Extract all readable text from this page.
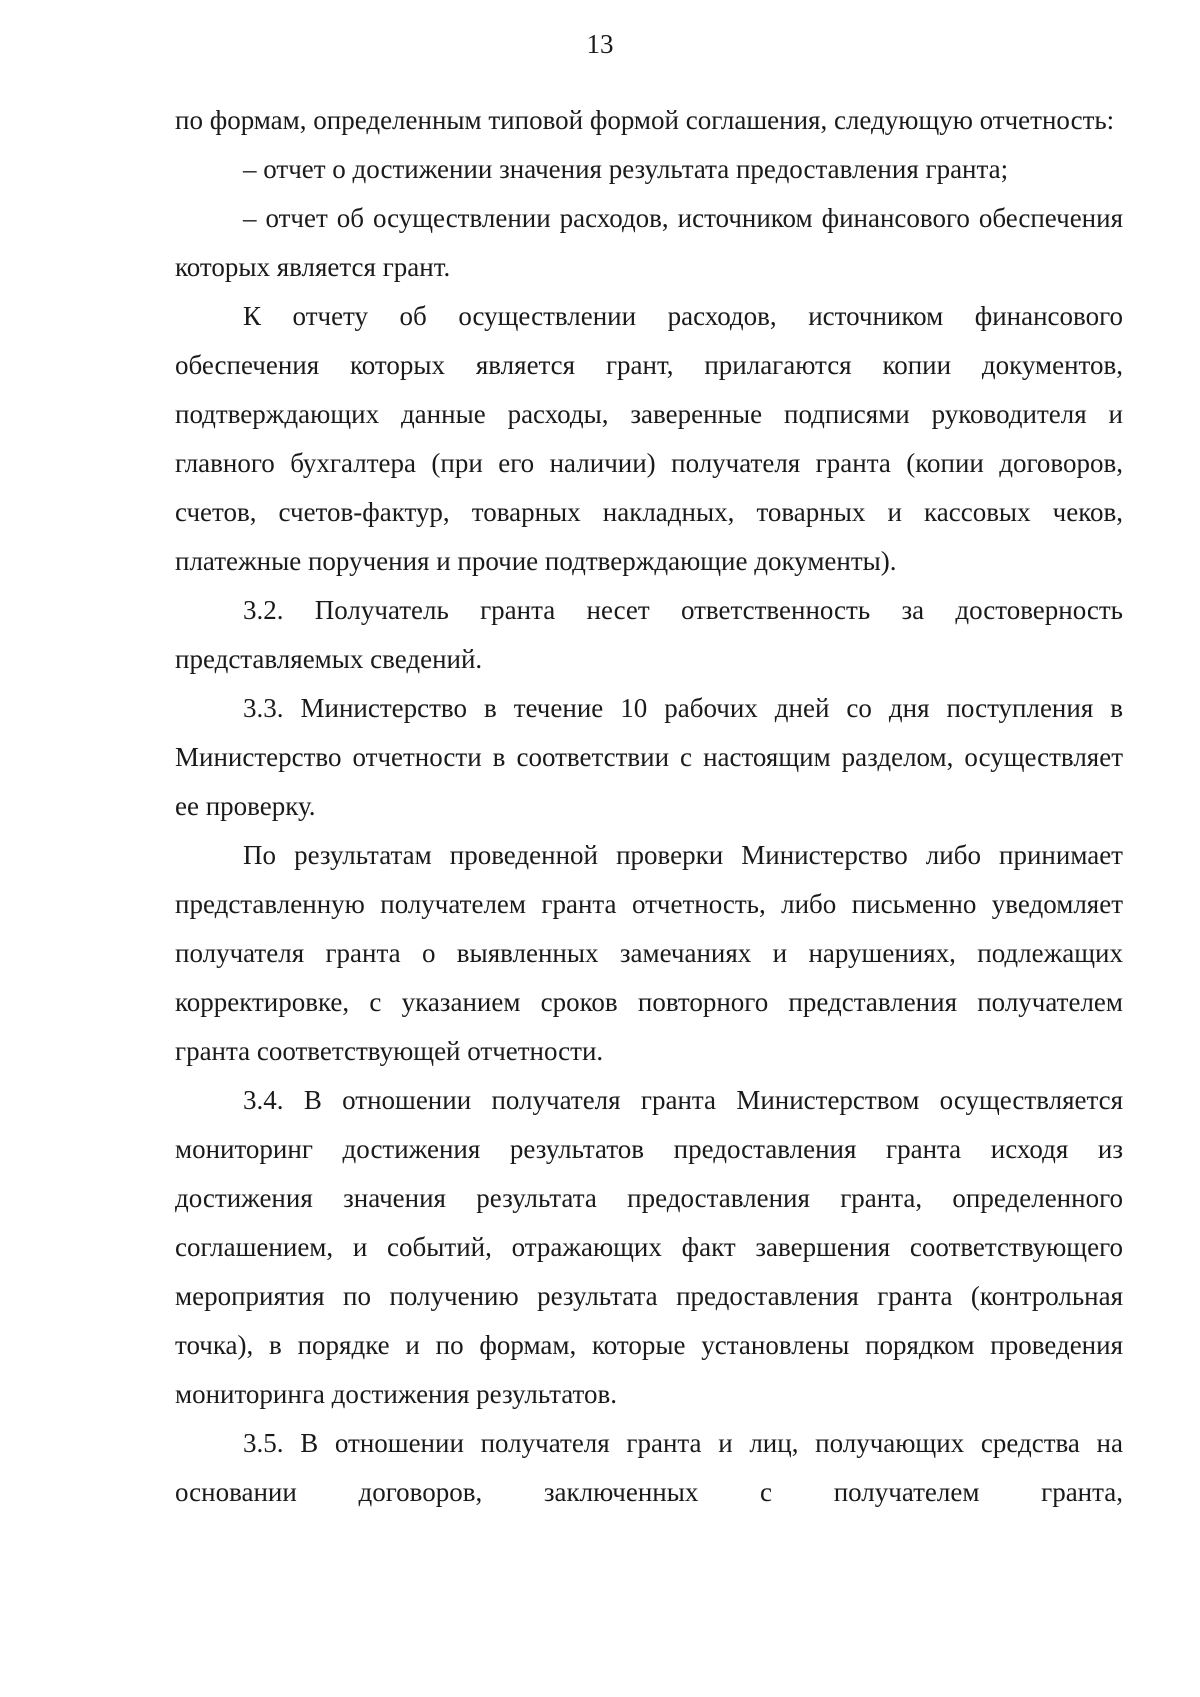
13

по формам, определенным типовой формой соглашения, следующую отчетность:

– отчет о достижении значения результата предоставления гранта;

– отчет об осуществлении расходов, источником финансового обеспечения которых является грант.

К отчету об осуществлении расходов, источником финансового обеспечения которых является грант, прилагаются копии документов, подтверждающих данные расходы, заверенные подписями руководителя и главного бухгалтера (при его наличии) получателя гранта (копии договоров, счетов, счетов-фактур, товарных накладных, товарных и кассовых чеков, платежные поручения и прочие подтверждающие документы).

3.2. Получатель гранта несет ответственность за достоверность представляемых сведений.

3.3. Министерство в течение 10 рабочих дней со дня поступления в Министерство отчетности в соответствии с настоящим разделом, осуществляет ее проверку.

По результатам проведенной проверки Министерство либо принимает представленную получателем гранта отчетность, либо письменно уведомляет получателя гранта о выявленных замечаниях и нарушениях, подлежащих корректировке, с указанием сроков повторного представления получателем гранта соответствующей отчетности.

3.4. В отношении получателя гранта Министерством осуществляется мониторинг достижения результатов предоставления гранта исходя из достижения значения результата предоставления гранта, определенного соглашением, и событий, отражающих факт завершения соответствующего мероприятия по получению результата предоставления гранта (контрольная точка), в порядке и по формам, которые установлены порядком проведения мониторинга достижения результатов.

3.5. В отношении получателя гранта и лиц, получающих средства на основании договоров, заключенных с получателем гранта,
